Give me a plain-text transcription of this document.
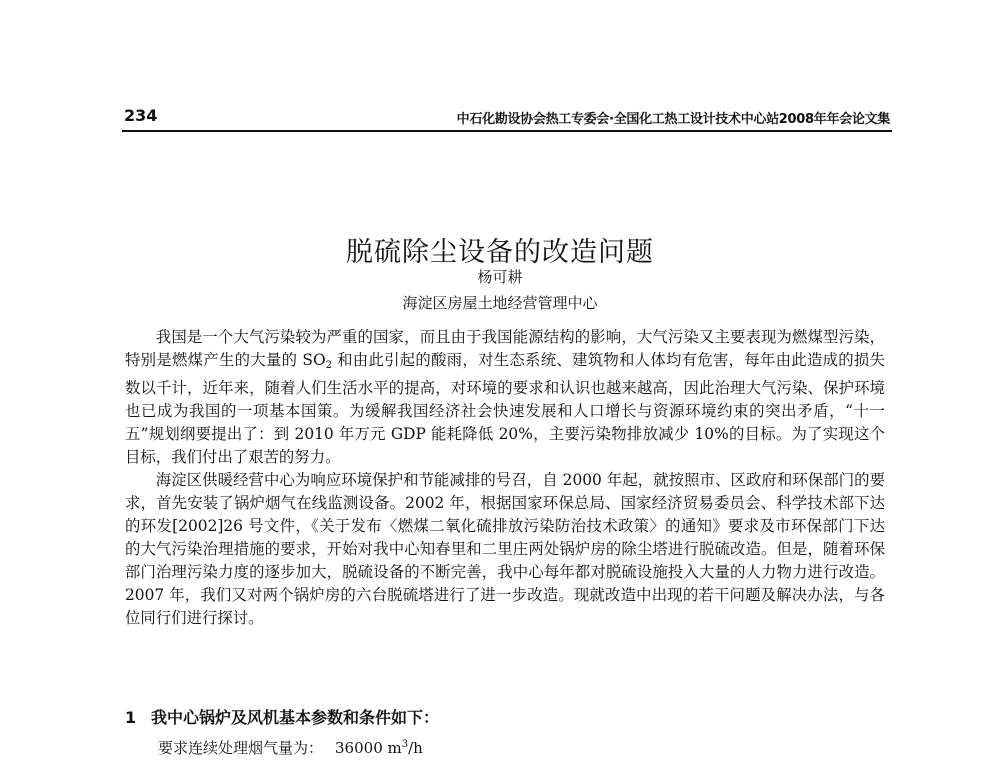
234	中石化勘设协会热工专委会·全国化工热工设计技术中心站2008年年会论文集
脱硫除尘设备的改造问题
杨可耕
海淀区房屋土地经营管理中心

我国是一个大气污染较为严重的国家，而且由于我国能源结构的影响，大气污染又主要表现为燃煤型污染，特别是燃煤产生的大量的 $SO_2$ 和由此引起的酸雨，对生态系统、建筑物和人体均有危害，每年由此造成的损失数以千计，近年来，随着人们生活水平的提高，对环境的要求和认识也越来越高，因此治理大气污染、保护环境也已成为我国的一项基本国策。为缓解我国经济社会快速发展和人口增长与资源环境约束的突出矛盾，“十一五”规划纲要提出了：到 2010 年万元 GDP 能耗降低 20%，主要污染物排放减少 10%的目标。为了实现这个目标，我们付出了艰苦的努力。

海淀区供暖经营中心为响应环境保护和节能减排的号召，自 2000 年起，就按照市、区政府和环保部门的要求，首先安装了锅炉烟气在线监测设备。2002 年，根据国家环保总局、国家经济贸易委员会、科学技术部下达的环发[2002]26 号文件，《关于发布〈燃煤二氧化硫排放污染防治技术政策〉的通知》要求及市环保部门下达的大气污染治理措施的要求，开始对我中心知春里和二里庄两处锅炉房的除尘塔进行脱硫改造。但是，随着环保部门治理污染力度的逐步加大，脱硫设备的不断完善，我中心每年都对脱硫设施投入大量的人力物力进行改造。2007 年，我们又对两个锅炉房的六台脱硫塔进行了进一步改造。现就改造中出现的若干问题及解决办法，与各位同行们进行探讨。

1 我中心锅炉及风机基本参数和条件如下：
要求连续处理烟气量为： 36000 $m^3/h$
